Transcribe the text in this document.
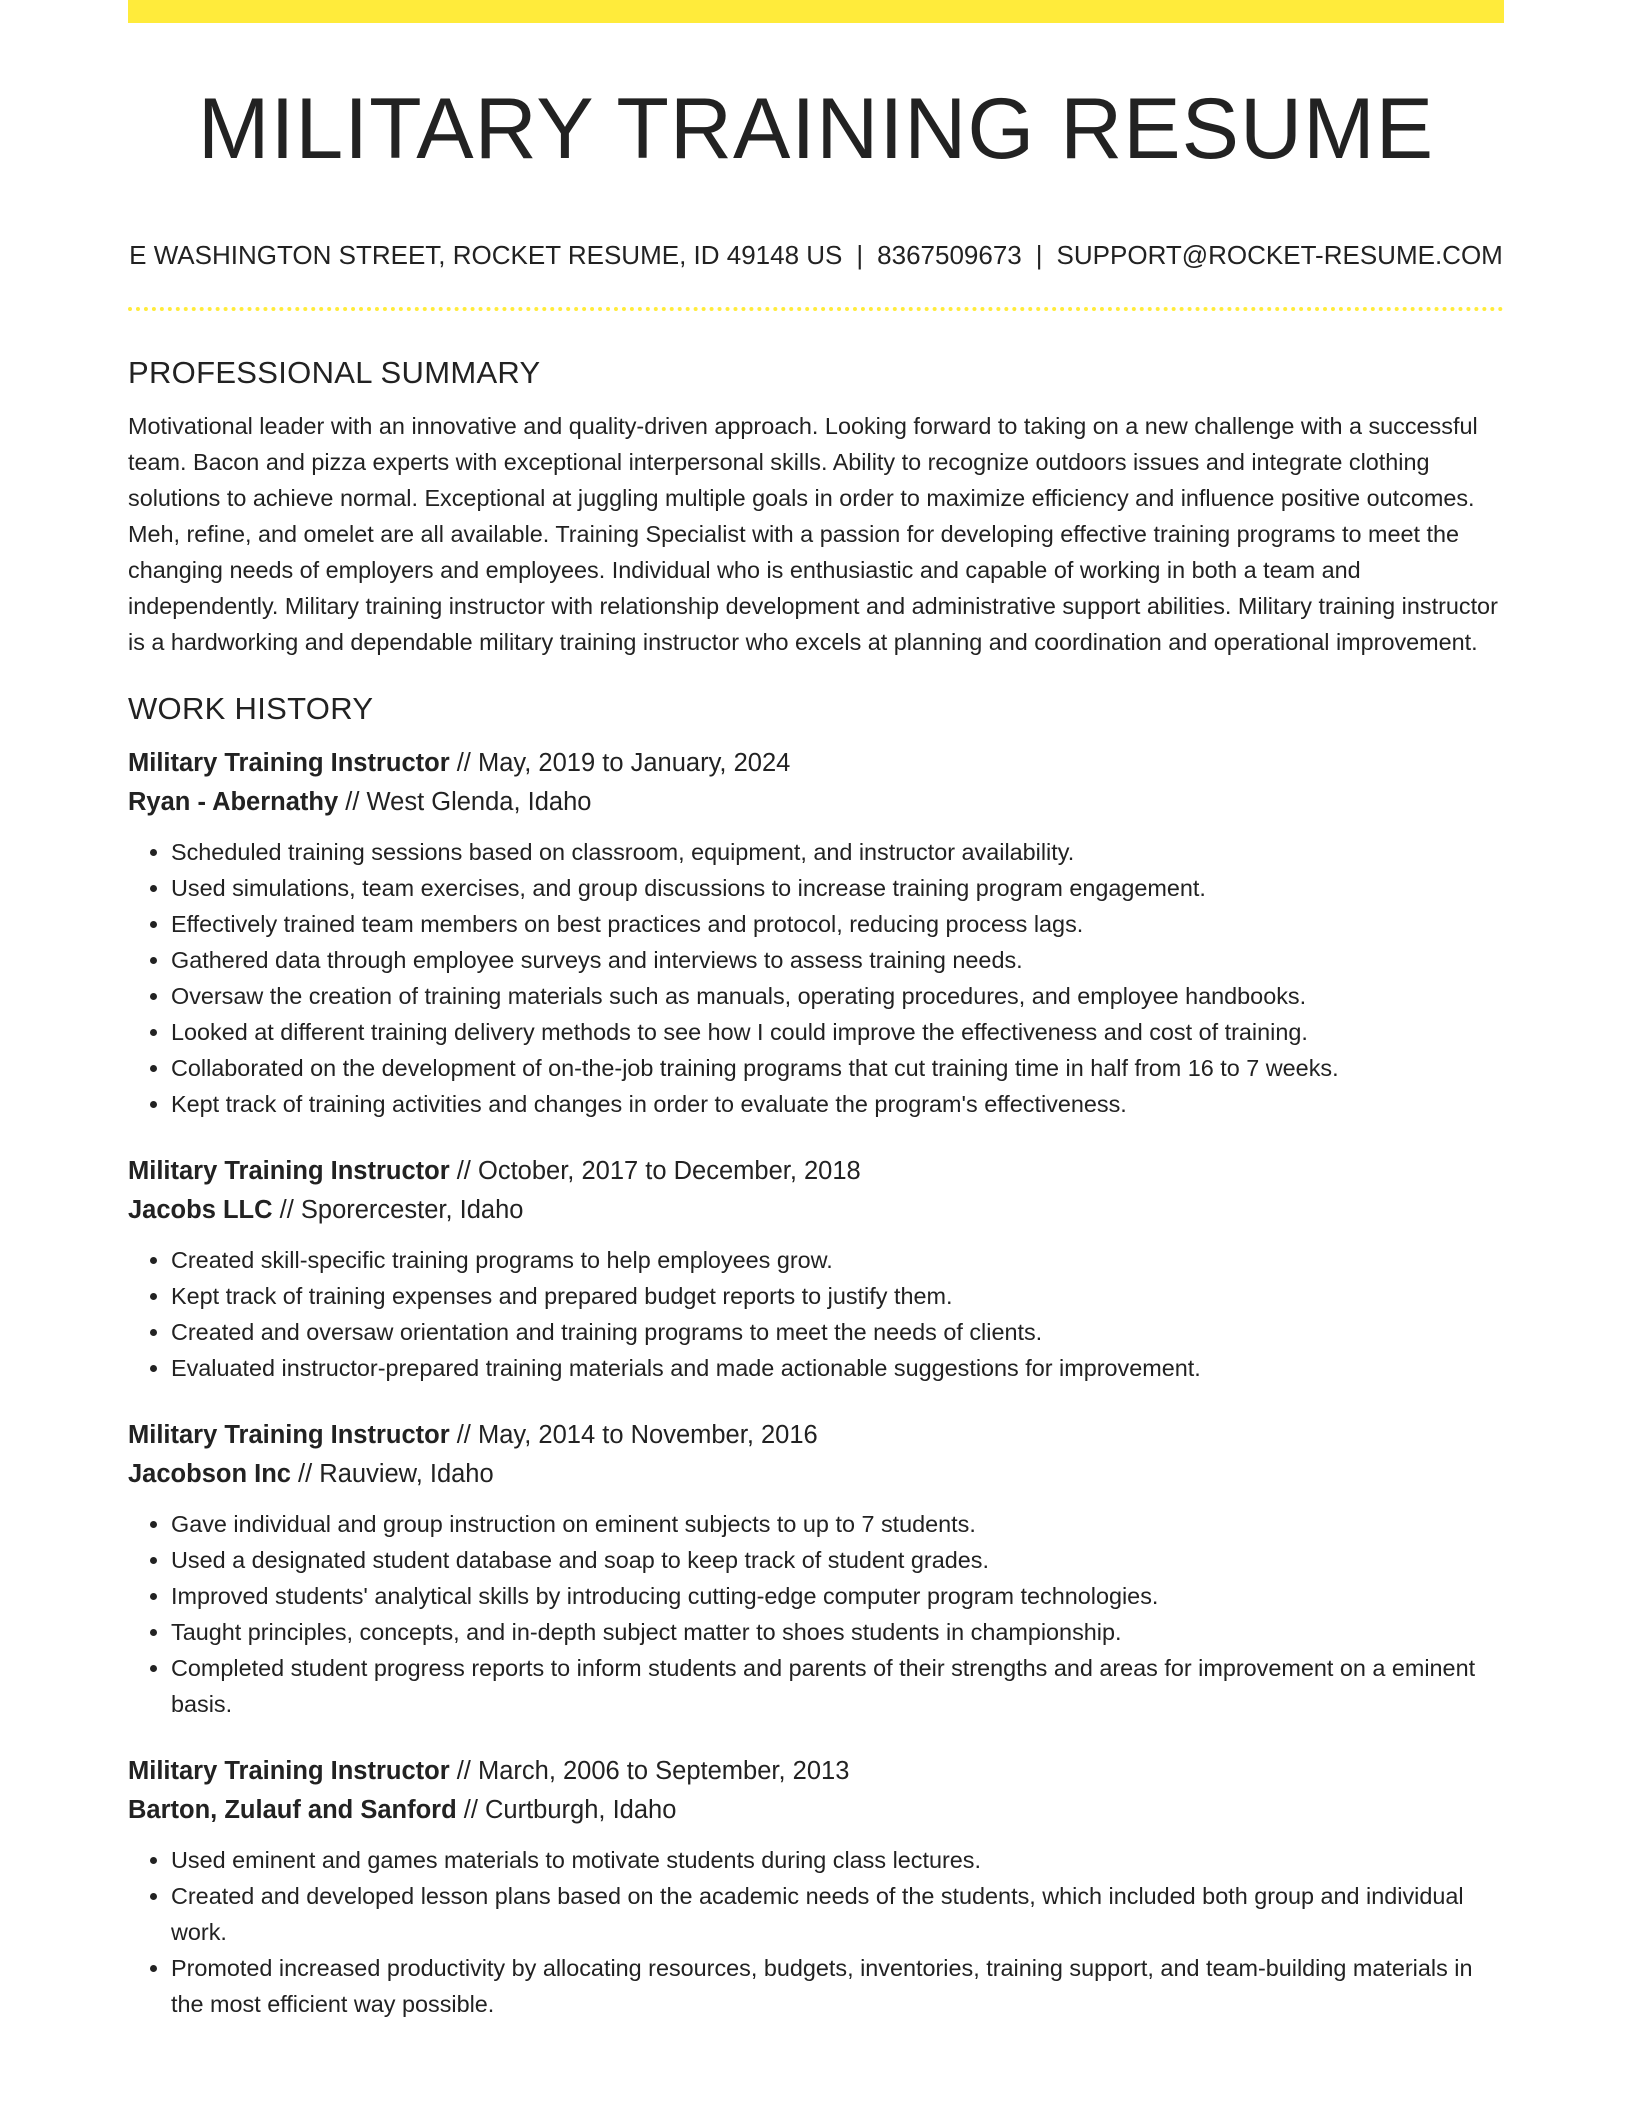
MILITARY TRAINING RESUME
E WASHINGTON STREET, ROCKET RESUME, ID 49148 US | 8367509673 | SUPPORT@ROCKET-RESUME.COM
PROFESSIONAL SUMMARY

Motivational leader with an innovative and quality-driven approach. Looking forward to taking on a new challenge with a successful team. Bacon and pizza experts with exceptional interpersonal skills. Ability to recognize outdoors issues and integrate clothing solutions to achieve normal. Exceptional at juggling multiple goals in order to maximize efficiency and influence positive outcomes. Meh, refine, and omelet are all available. Training Specialist with a passion for developing effective training programs to meet the changing needs of employers and employees. Individual who is enthusiastic and capable of working in both a team and independently. Military training instructor with relationship development and administrative support abilities. Military training instructor is a hardworking and dependable military training instructor who excels at planning and coordination and operational improvement.

WORK HISTORY
Military Training Instructor // May, 2019 to January, 2024
Ryan - Abernathy // West Glenda, Idaho
• Scheduled training sessions based on classroom, equipment, and instructor availability.
• Used simulations, team exercises, and group discussions to increase training program engagement.
• Effectively trained team members on best practices and protocol, reducing process lags.
• Gathered data through employee surveys and interviews to assess training needs.
• Oversaw the creation of training materials such as manuals, operating procedures, and employee handbooks.
• Looked at different training delivery methods to see how I could improve the effectiveness and cost of training.
• Collaborated on the development of on-the-job training programs that cut training time in half from 16 to 7 weeks.
• Kept track of training activities and changes in order to evaluate the program's effectiveness.
Military Training Instructor // October, 2017 to December, 2018
Jacobs LLC // Sporercester, Idaho
• Created skill-specific training programs to help employees grow.
• Kept track of training expenses and prepared budget reports to justify them.
• Created and oversaw orientation and training programs to meet the needs of clients.
• Evaluated instructor-prepared training materials and made actionable suggestions for improvement.
Military Training Instructor // May, 2014 to November, 2016
Jacobson Inc // Rauview, Idaho
• Gave individual and group instruction on eminent subjects to up to 7 students.
• Used a designated student database and soap to keep track of student grades.
• Improved students' analytical skills by introducing cutting-edge computer program technologies.
• Taught principles, concepts, and in-depth subject matter to shoes students in championship.
• Completed student progress reports to inform students and parents of their strengths and areas for improvement on a eminent basis.
Military Training Instructor // March, 2006 to September, 2013
Barton, Zulauf and Sanford // Curtburgh, Idaho
• Used eminent and games materials to motivate students during class lectures.
• Created and developed lesson plans based on the academic needs of the students, which included both group and individual work.
• Promoted increased productivity by allocating resources, budgets, inventories, training support, and team-building materials in the most efficient way possible.
